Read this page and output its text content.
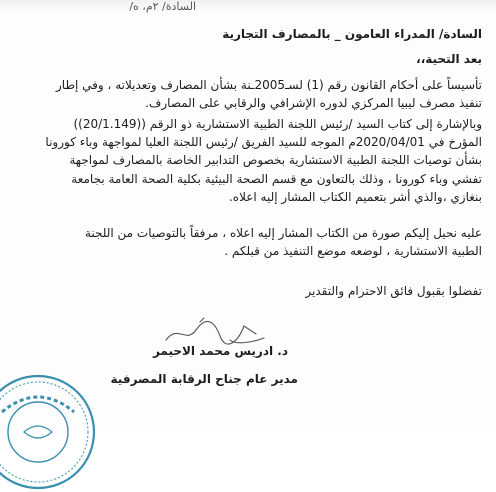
السادة/ ٢م، ه/
السادة/ المدراء العامون _ بالمصارف التجارية
بعد التحية،،
تأسيساً على أحكام القانون رقم (1) لسـ2005ـنة بشأن المصارف وتعديلاته ، وفي إطار
تنفيذ مصرف ليبيا المركزي لدوره الإشرافي والرقابي على المصارف.
وبالإشارة إلى كتاب السيد /رئيس اللجنة الطبية الاستشارية ذو الرقم ((20/1.149))
المؤرخ في 2020/04/01م الموجه للسيد الفريق /رئيس اللجنة العليا لمواجهة وباء كورونا
بشأن توصيات اللجنة الطبية الاستشارية بخصوص التدابير الخاصة بالمصارف لمواجهة
تفشي وباء كورونا ، وذلك بالتعاون مع قسم الصحة البيئية بكلية الصحة العامة بجامعة
بنغازي ،والذي أشر بتعميم الكتاب المشار إليه اعلاه.
عليه نحيل إليكم صورة من الكتاب المشار إليه اعلاه ، مرفقاً بالتوصيات من اللجنة
الطبية الاستشارية ، لوضعه موضع التنفيذ من قبلكم .
تفضلوا بقبول فائق الاحترام والتقدير
د. ادريس محمد الاحيمر
مدير عام جناح الرقابة المصرفية
